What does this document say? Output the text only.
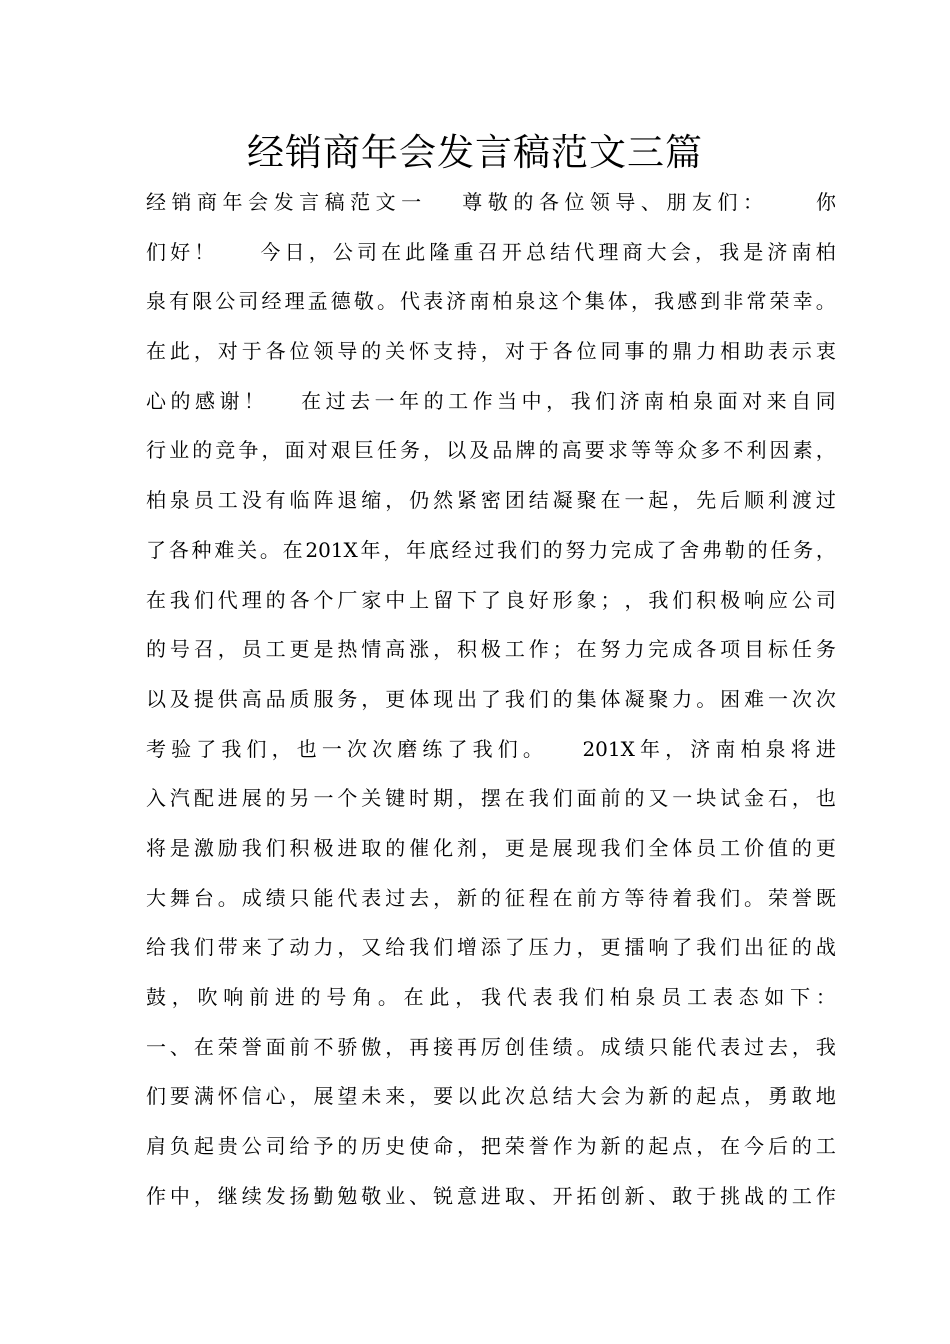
经销商年会发言稿范文三篇
经 销 商 年 会 发 言 稿 范 文 一

尊 敬 的 各 位 领 导 、 朋 友 们 ：

	你
们 好 ！

今 日 ， 公 司 在 此 隆 重 召 开 总 结 代 理 商 大 会 ， 我 是 济 南 柏
泉 有 限 公 司 经 理 孟 德 敬 。 代 表 济 南 柏 泉 这 个 集 体 ， 我 感 到 非 常 荣 幸 。
在 此 ， 对 于 各 位 领 导 的 关 怀 支 持 ， 对 于 各 位 同 事 的 鼎 力 相 助 表 示 衷
心 的 感 谢 ！

在 过 去 一 年 的 工 作 当 中 ， 我 们 济 南 柏 泉 面 对 来 自 同
行 业 的 竞 争 ， 面 对 艰 巨 任 务 ， 以 及 品 牌 的 高 要 求 等 等 众 多 不 利 因 素 ，
柏 泉 员 工 没 有 临 阵 退 缩 ， 仍 然 紧 密 团 结 凝 聚 在 一 起 ， 先 后 顺 利 渡 过
了 各 种 难 关 。 在 201X 年 ， 年 底 经 过 我 们 的 努 力 完 成 了 舍 弗 勒 的 任 务 ，
在 我 们 代 理 的 各 个 厂 家 中 上 留 下 了 良 好 形 象 ； ， 我 们 积 极 响 应 公 司
的 号 召 ， 员 工 更 是 热 情 高 涨 ， 积 极 工 作 ； 在 努 力 完 成 各 项 目 标 任 务
以 及 提 供 高 品 质 服 务 ， 更 体 现 出 了 我 们 的 集 体 凝 聚 力 。 困 难 一 次 次
考 验 了 我 们 ， 也 一 次 次 磨 练 了 我 们 。

201X 年 ， 济 南 柏 泉 将 进
入 汽 配 进 展 的 另 一 个 关 键 时 期 ， 摆 在 我 们 面 前 的 又 一 块 试 金 石 ， 也
将 是 激 励 我 们 积 极 进 取 的 催 化 剂 ， 更 是 展 现 我 们 全 体 员 工 价 值 的 更
大 舞 台 。 成 绩 只 能 代 表 过 去 ， 新 的 征 程 在 前 方 等 待 着 我 们 。 荣 誉 既
给 我 们 带 来 了 动 力 ， 又 给 我 们 增 添 了 压 力 ， 更 擂 响 了 我 们 出 征 的 战
鼓 ， 吹 响 前 进 的 号 角 。 在 此 ， 我 代 表 我 们 柏 泉 员 工 表 态 如 下 ：
一 、 在 荣 誉 面 前 不 骄 傲 ， 再 接 再 厉 创 佳 绩 。 成 绩 只 能 代 表 过 去 ， 我
们 要 满 怀 信 心 ， 展 望 未 来 ， 要 以 此 次 总 结 大 会 为 新 的 起 点 ， 勇 敢 地
肩 负 起 贵 公 司 给 予 的 历 史 使 命 ， 把 荣 誉 作 为 新 的 起 点 ， 在 今 后 的 工
作 中 ， 继 续 发 扬 勤 勉 敬 业 、 锐 意 进 取 、 开 拓 创 新 、 敢 于 挑 战 的 工 作
